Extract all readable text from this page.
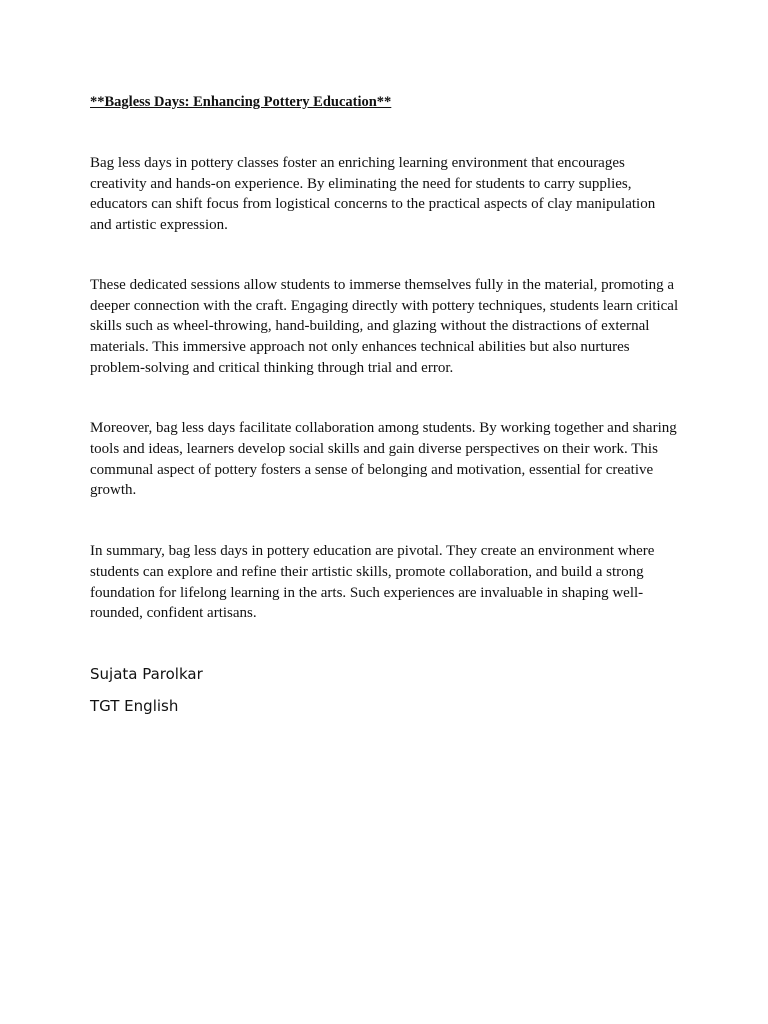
**Bagless Days: Enhancing Pottery Education**

Bag less days in pottery classes foster an enriching learning environment that encourages creativity and hands-on experience. By eliminating the need for students to carry supplies, educators can shift focus from logistical concerns to the practical aspects of clay manipulation and artistic expression.

These dedicated sessions allow students to immerse themselves fully in the material, promoting a deeper connection with the craft. Engaging directly with pottery techniques, students learn critical skills such as wheel-throwing, hand-building, and glazing without the distractions of external materials. This immersive approach not only enhances technical abilities but also nurtures problem-solving and critical thinking through trial and error.

Moreover, bag less days facilitate collaboration among students. By working together and sharing tools and ideas, learners develop social skills and gain diverse perspectives on their work. This communal aspect of pottery fosters a sense of belonging and motivation, essential for creative growth.

In summary, bag less days in pottery education are pivotal. They create an environment where students can explore and refine their artistic skills, promote collaboration, and build a strong foundation for lifelong learning in the arts. Such experiences are invaluable in shaping well-rounded, confident artisans.

Sujata Parolkar

TGT English
